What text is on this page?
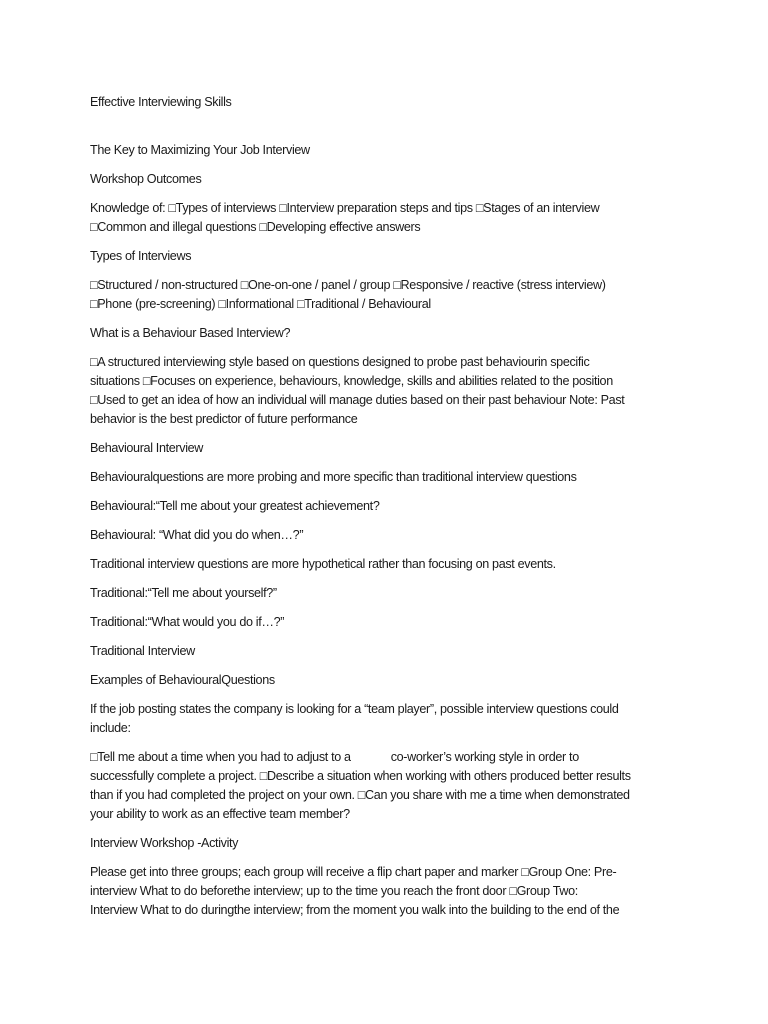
Effective Interviewing Skills

The Key to Maximizing Your Job Interview

Workshop Outcomes

Knowledge of: □Types of interviews □Interview preparation steps and tips □Stages of an interview

□Common and illegal questions □Developing effective answers

Types of Interviews

□Structured / non-structured □One-on-one / panel / group □Responsive / reactive (stress interview)

□Phone (pre-screening) □Informational □Traditional / Behavioural

What is a Behaviour Based Interview?

□A structured interviewing style based on questions designed to probe past behaviourin specific

situations □Focuses on experience, behaviours, knowledge, skills and abilities related to the position

□Used to get an idea of how an individual will manage duties based on their past behaviour Note: Past

behavior is the best predictor of future performance

Behavioural Interview

Behaviouralquestions are more probing and more specific than traditional interview questions

Behavioural:“Tell me about your greatest achievement?

Behavioural: “What did you do when…?”

Traditional interview questions are more hypothetical rather than focusing on past events.

Traditional:“Tell me about yourself?”

Traditional:“What would you do if…?”

Traditional Interview

Examples of BehaviouralQuestions

If the job posting states the company is looking for a “team player”, possible interview questions could

include:

□Tell me about a time when you had to adjust to a	co-worker’s working style in order to

successfully complete a project. □Describe a situation when working with others produced better results

than if you had completed the project on your own. □Can you share with me a time when demonstrated

your ability to work as an effective team member?

Interview Workshop -Activity

Please get into three groups; each group will receive a flip chart paper and marker □Group One: Pre-

interview What to do beforethe interview; up to the time you reach the front door □Group Two:

Interview What to do duringthe interview; from the moment you walk into the building to the end of the
